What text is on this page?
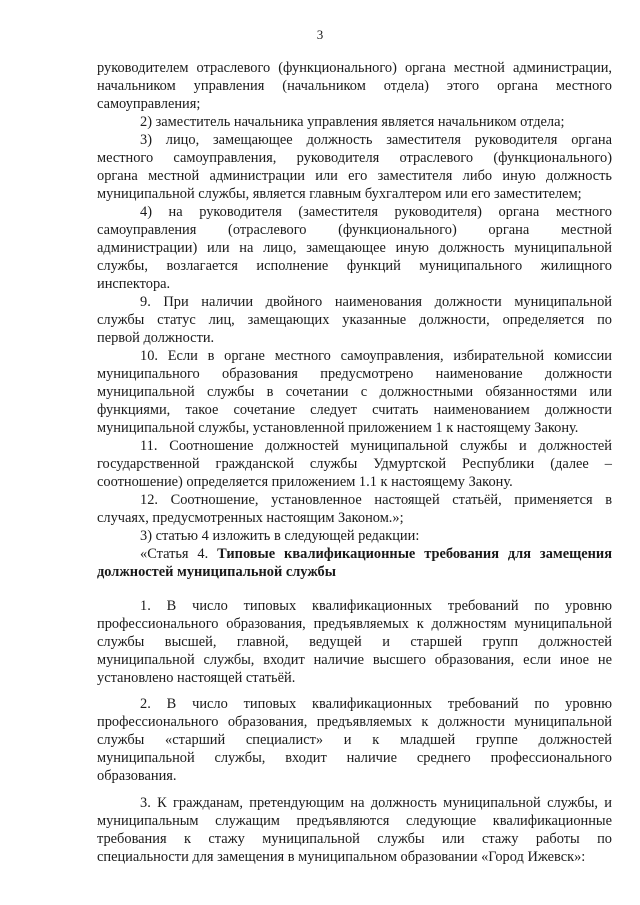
3
руководителем отраслевого (функционального) органа местной администрации,
начальником управления (начальником отдела) этого органа местного
самоуправления;
2) заместитель начальника управления является начальником отдела;
3) лицо, замещающее должность заместителя руководителя органа
местного самоуправления, руководителя отраслевого (функционального)
органа местной администрации или его заместителя либо иную должность
муниципальной службы, является главным бухгалтером или его заместителем;
4) на руководителя (заместителя руководителя) органа местного
самоуправления (отраслевого (функционального) органа местной
администрации) или на лицо, замещающее иную должность муниципальной
службы, возлагается исполнение функций муниципального жилищного
инспектора.
9. При наличии двойного наименования должности муниципальной
службы статус лиц, замещающих указанные должности, определяется по
первой должности.
10. Если в органе местного самоуправления, избирательной комиссии
муниципального образования предусмотрено наименование должности
муниципальной службы в сочетании с должностными обязанностями или
функциями, такое сочетание следует считать наименованием должности
муниципальной службы, установленной приложением 1 к настоящему Закону.
11. Соотношение должностей муниципальной службы и должностей
государственной гражданской службы Удмуртской Республики (далее –
соотношение) определяется приложением 1.1 к настоящему Закону.
12. Соотношение, установленное настоящей статьёй, применяется в
случаях, предусмотренных настоящим Законом.»;
3) статью 4 изложить в следующей редакции:
«Статья 4. Типовые квалификационные требования для замещения
должностей муниципальной службы
1. В число типовых квалификационных требований по уровню
профессионального образования, предъявляемых к должностям муниципальной
службы высшей, главной, ведущей и старшей групп должностей
муниципальной службы, входит наличие высшего образования, если иное не
установлено настоящей статьёй.
2. В число типовых квалификационных требований по уровню
профессионального образования, предъявляемых к должности муниципальной
службы «старший специалист» и к младшей группе должностей
муниципальной службы, входит наличие среднего профессионального
образования.
3. К гражданам, претендующим на должность муниципальной службы, и
муниципальным служащим предъявляются следующие квалификационные
требования к стажу муниципальной службы или стажу работы по
специальности для замещения в муниципальном образовании «Город Ижевск»:
